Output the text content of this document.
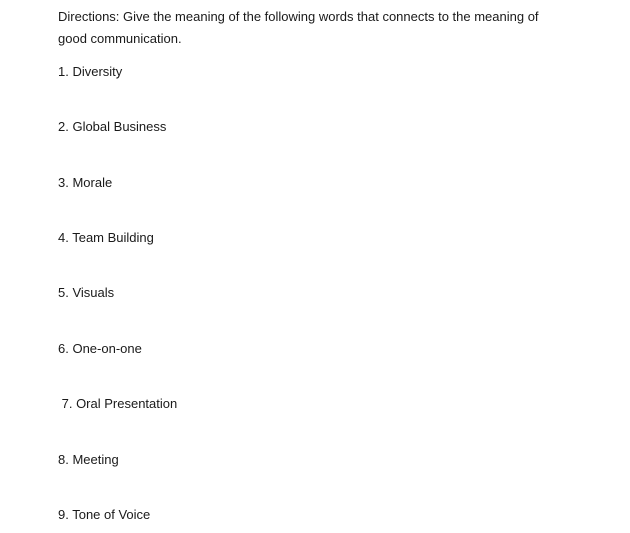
Directions: Give the meaning of the following words that connects to the meaning of good communication.

1. Diversity

2. Global Business

3. Morale

4. Team Building

5. Visuals

6. One-on-one

7. Oral Presentation

8. Meeting

9. Tone of Voice
